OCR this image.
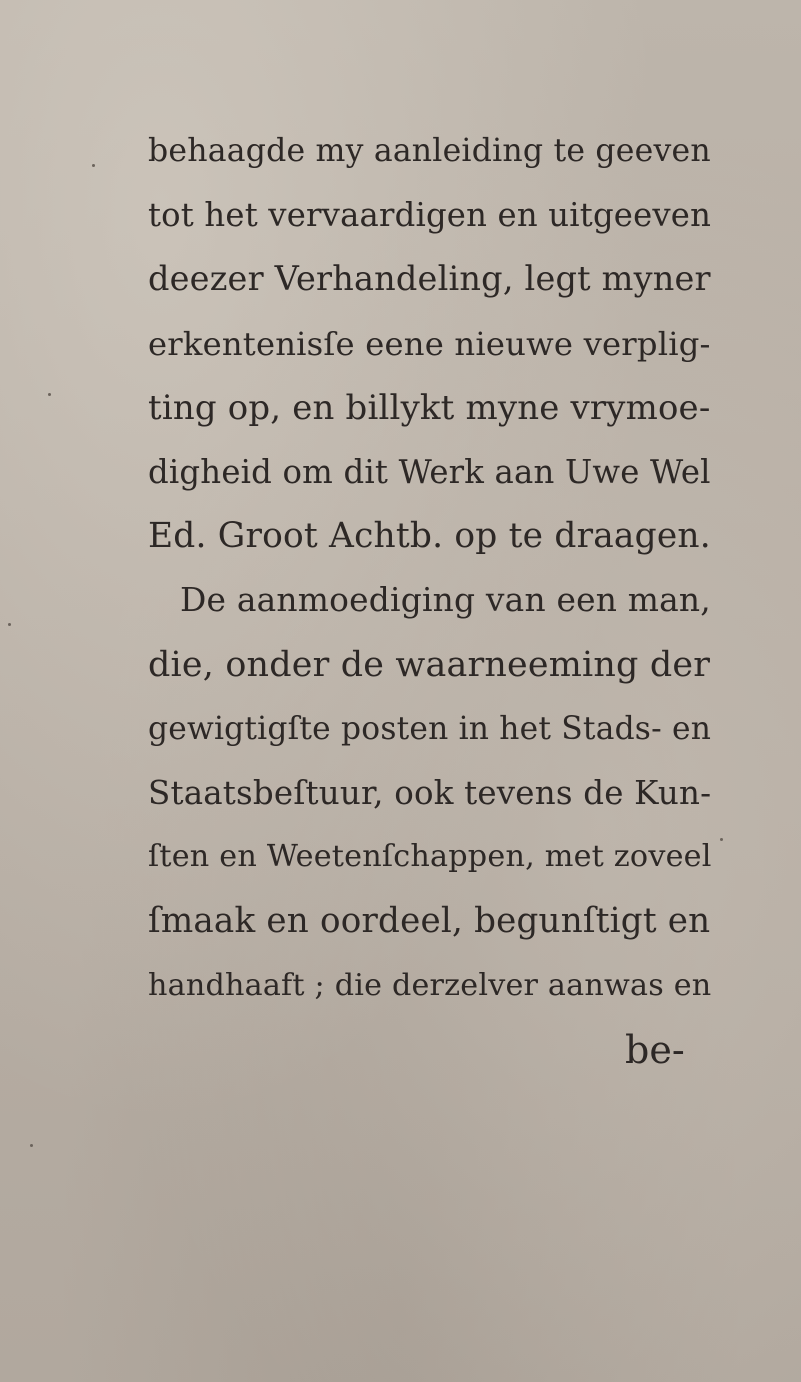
behaagde my aanleiding te geeven

tot het vervaardigen en uitgeeven

deezer Verhandeling, legt myner

erkentenisſe eene nieuwe verplig-

ting op, en billykt myne vrymoe-

digheid om dit Werk aan Uwe Wel

Ed. Groot Achtb. op te draagen.

De aanmoediging van een man,

die, onder de waarneeming der

gewigtigſte posten in het Stads- en

Staatsbeſtuur, ook tevens de Kun-

ſten en Weetenſchappen, met zoveel

ſmaak en oordeel, begunſtigt en

handhaaft ; die derzelver aanwas en

be-
